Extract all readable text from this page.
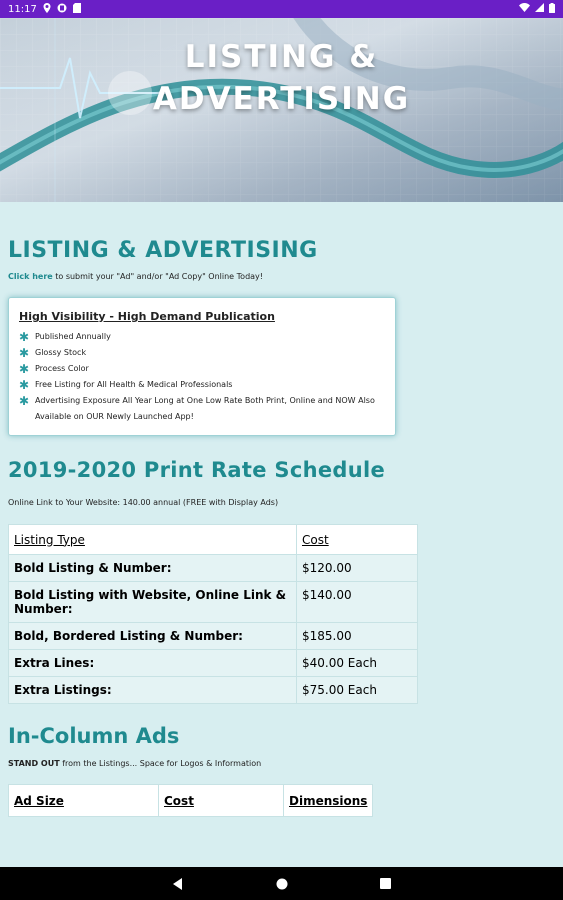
11:17
LISTING &
ADVERTISING
LISTING & ADVERTISING

Click here to submit your "Ad" and/or "Ad Copy" Online Today!

High Visibility - High Demand Publication
✱ Published Annually
✱ Glossy Stock
✱ Process Color
✱ Free Listing for All Health & Medical Professionals
✱ Advertising Exposure All Year Long at One Low Rate Both Print, Online and NOW Also Available on OUR Newly Launched App!
2019-2020 Print Rate Schedule

Online Link to Your Website: 140.00 annual (FREE with Display Ads)

Listing Type	Cost
Bold Listing & Number:	$120.00
Bold Listing with Website, Online Link & Number:	$140.00
Bold, Bordered Listing & Number:	$185.00
Extra Lines:	$40.00 Each
Extra Listings:	$75.00 Each
In-Column Ads

STAND OUT from the Listings... Space for Logos & Information

Ad Size	Cost	Dimensions
